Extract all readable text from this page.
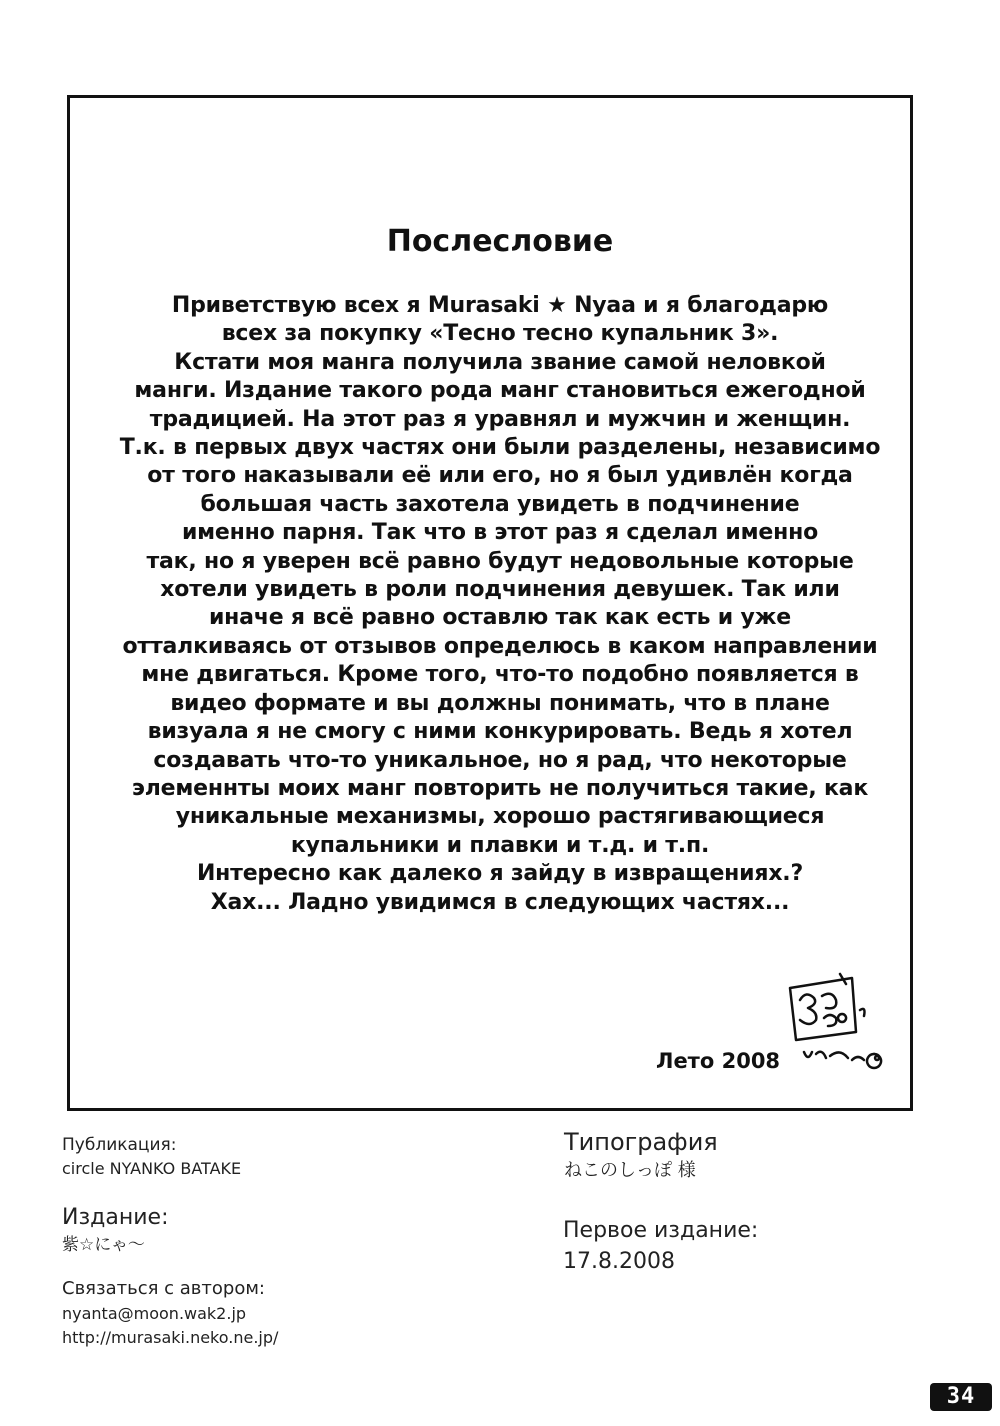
Послесловие
Приветствую всех я Murasaki ★ Nyaa и я благодарю
всех за покупку «Тесно тесно купальник 3».
Кстати моя манга получила звание самой неловкой
манги. Издание такого рода манг становиться ежегодной
традицией. На этот раз я уравнял и мужчин и женщин.
Т.к. в первых двух частях они были разделены, независимо
от того наказывали её или его, но я был удивлён когда
большая часть захотела увидеть в подчинение
именно парня. Так что в этот раз я сделал именно
так, но я уверен всё равно будут недовольные которые
хотели увидеть в роли подчинения девушек. Так или
иначе я всё равно оставлю так как есть и уже
отталкиваясь от отзывов определюсь в каком направлении
мне двигаться. Кроме того, что-то подобно появляется в
видео формате и вы должны понимать, что в плане
визуала я не смогу с ними конкурировать. Ведь я хотел
создавать что-то уникальное, но я рад, что некоторые
элеменнты моих манг повторить не получиться такие, как
уникальные механизмы, хорошо растягивающиеся
купальники и плавки и т.д. и т.п.
Интересно как далеко я зайду в извращениях.?
Хах... Ладно увидимся в следующих частях...
Лето 2008
Публикация:
circle NYANKO BATAKE
Издание:
紫☆にゃ〜
Связаться с автором:
nyanta@moon.wak2.jp
http://murasaki.neko.ne.jp/
Типография
ねこのしっぽ 様
Первое издание:
17.8.2008
34
